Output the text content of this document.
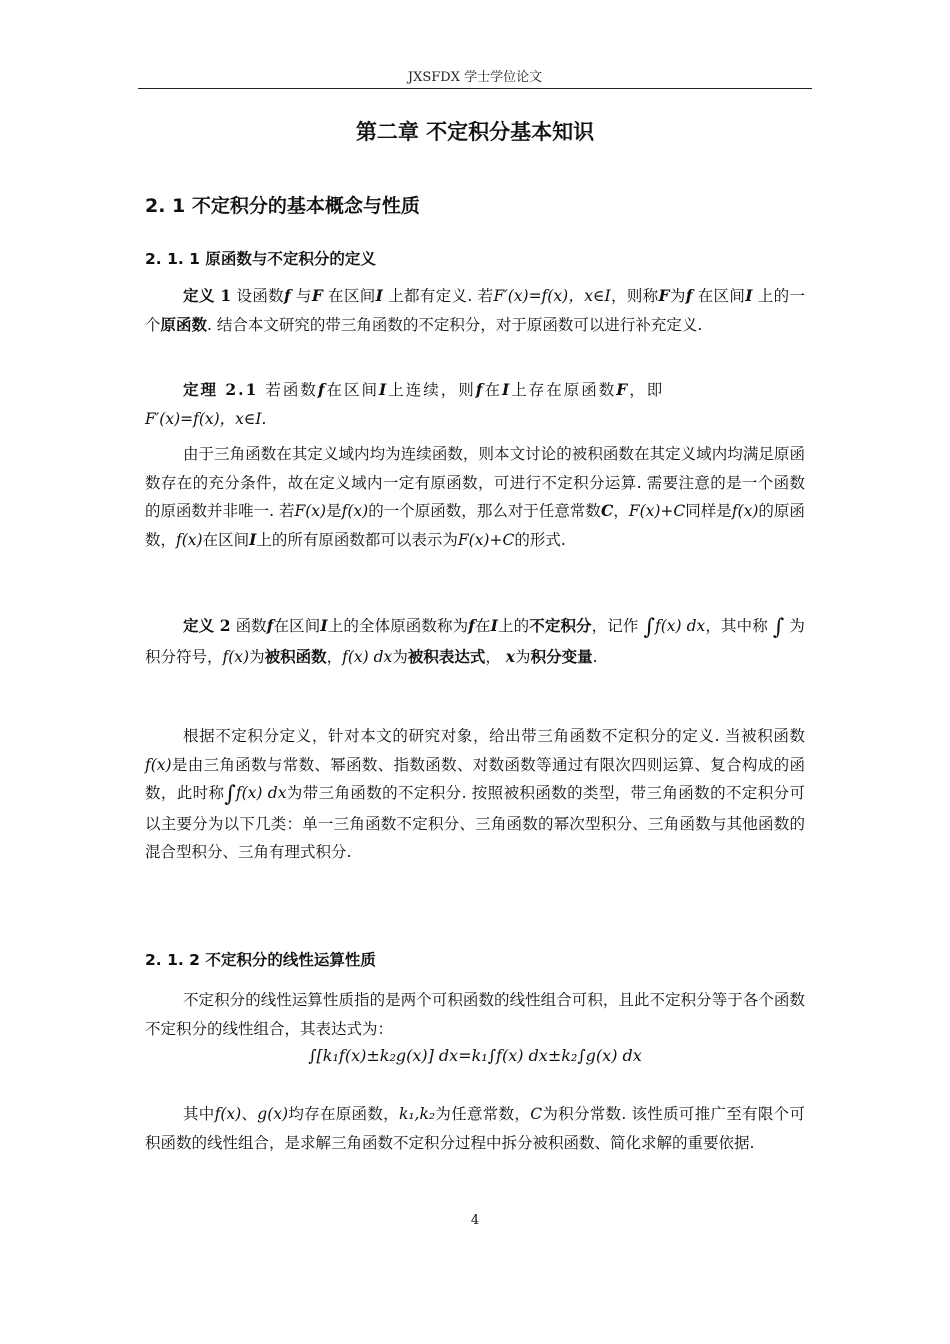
JXSFDX 学士学位论文
第二章 不定积分基本知识
2. 1 不定积分的基本概念与性质
2. 1. 1 原函数与不定积分的定义

定义 1 设函数f 与F 在区间I 上都有定义. 若F′(x)=f(x)，x∈I，则称F为f 在区间I 上的一个原函数. 结合本文研究的带三角函数的不定积分，对于原函数可以进行补充定义.

定理 2.1 若函数f在区间I上连续，则f在I上存在原函数F，即

F′(x)=f(x)，x∈I.

由于三角函数在其定义域内均为连续函数，则本文讨论的被积函数在其定义域内均满足原函数存在的充分条件，故在定义域内一定有原函数，可进行不定积分运算. 需要注意的是一个函数的原函数并非唯一. 若F(x)是f(x)的一个原函数，那么对于任意常数C，F(x)+C同样是f(x)的原函数，f(x)在区间I上的所有原函数都可以表示为F(x)+C的形式.

定义 2 函数f在区间I上的全体原函数称为f在I上的不定积分，记作 ∫f(x) dx，其中称 ∫ 为积分符号，f(x)为被积函数，f(x) dx为被积表达式， x为积分变量.

根据不定积分定义，针对本文的研究对象，给出带三角函数不定积分的定义. 当被积函数f(x)是由三角函数与常数、幂函数、指数函数、对数函数等通过有限次四则运算、复合构成的函数，此时称∫f(x) dx为带三角函数的不定积分. 按照被积函数的类型，带三角函数的不定积分可以主要分为以下几类：单一三角函数不定积分、三角函数的幂次型积分、三角函数与其他函数的混合型积分、三角有理式积分.

2. 1. 2 不定积分的线性运算性质

不定积分的线性运算性质指的是两个可积函数的线性组合可积，且此不定积分等于各个函数不定积分的线性组合，其表达式为：

∫[k₁f(x)±k₂g(x)] dx=k₁∫f(x) dx±k₂∫g(x) dx

其中f(x)、g(x)均存在原函数，k₁,k₂为任意常数，C为积分常数. 该性质可推广至有限个可积函数的线性组合，是求解三角函数不定积分过程中拆分被积函数、简化求解的重要依据.

4
